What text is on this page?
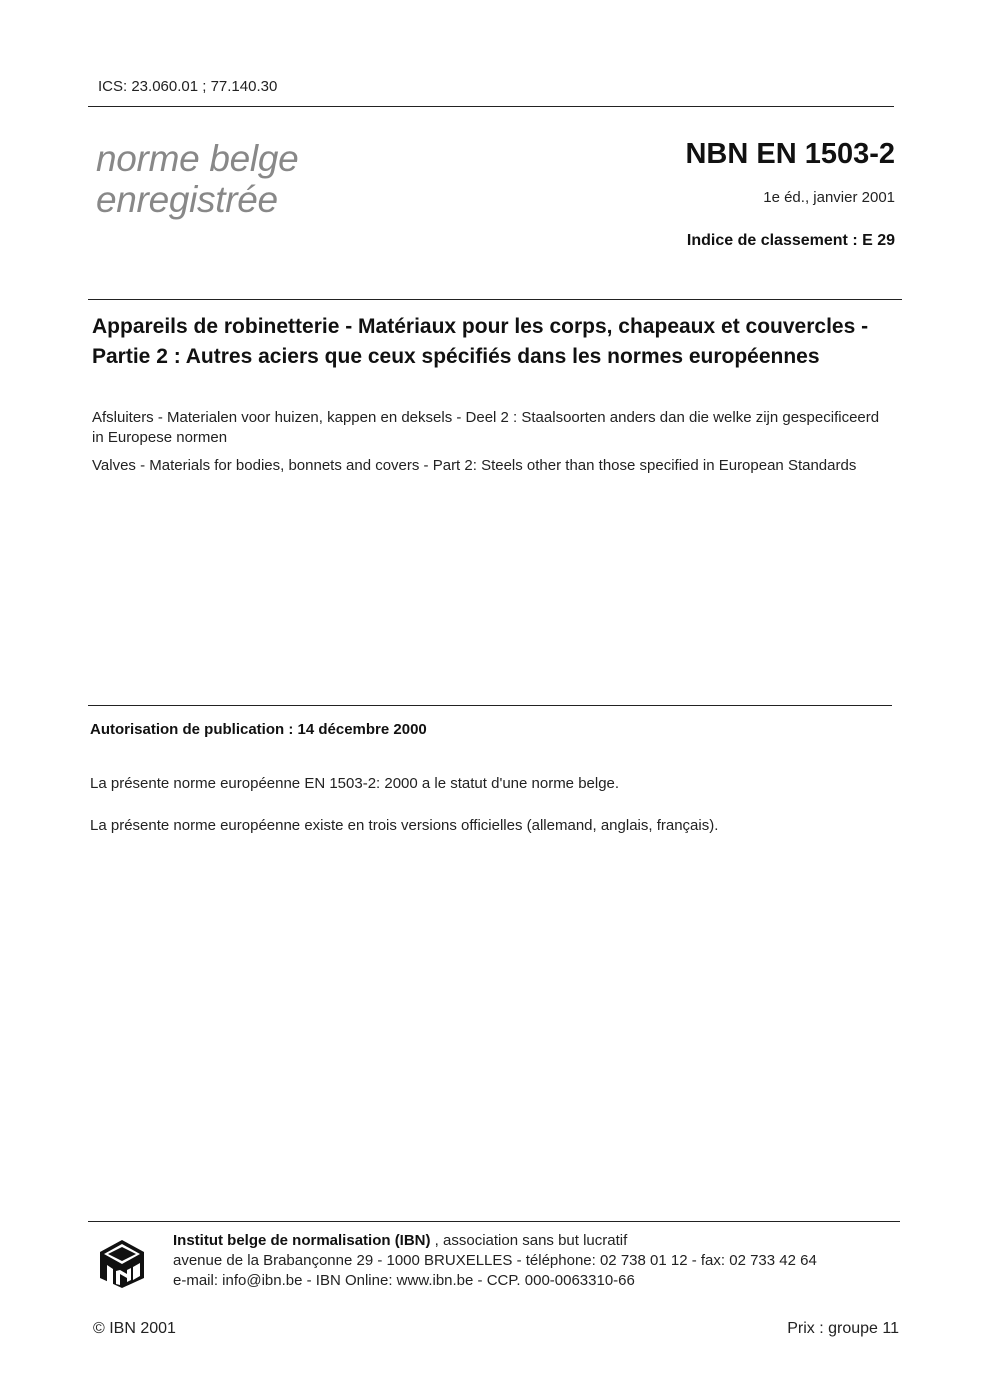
ICS: 23.060.01 ; 77.140.30
norme belge
enregistrée
NBN EN 1503-2
1e éd., janvier 2001
Indice de classement : E 29
Appareils de robinetterie - Matériaux pour les corps, chapeaux et couvercles - Partie 2 : Autres aciers que ceux spécifiés dans les normes européennes
Afsluiters - Materialen voor huizen, kappen en deksels - Deel 2 : Staalsoorten anders dan die welke zijn gespecificeerd in Europese normen
Valves - Materials for bodies, bonnets and covers - Part 2: Steels other than those specified in European Standards
Autorisation de publication : 14 décembre 2000
La présente norme européenne EN 1503-2: 2000 a le statut d'une norme belge.
La présente norme européenne existe en trois versions officielles (allemand, anglais, français).
Institut belge de normalisation (IBN) , association sans but lucratif
avenue de la Brabançonne 29 - 1000 BRUXELLES - téléphone: 02 738 01 12 - fax: 02 733 42 64
e-mail: info@ibn.be - IBN Online: www.ibn.be - CCP. 000-0063310-66
© IBN 2001	Prix : groupe 11
